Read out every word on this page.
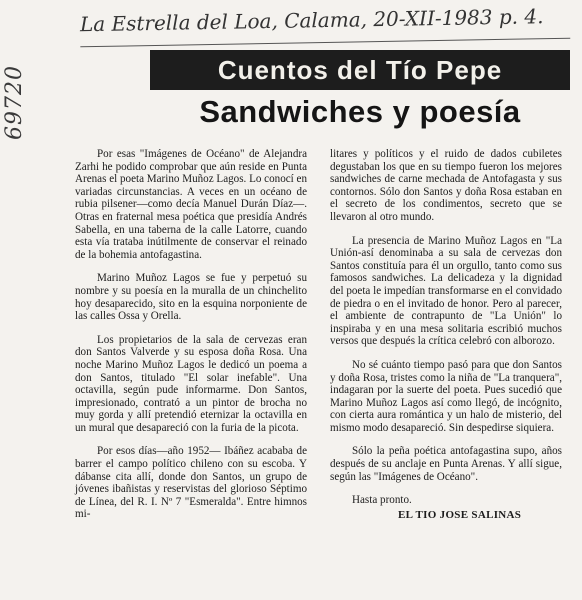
69720
La Estrella del Loa, Calama, 20-XII-1983 p. 4.
Cuentos del Tío Pepe
Sandwiches y poesía

Por esas "Imágenes de Océano" de Alejandra Zarhi he podido comprobar que aún reside en Punta Arenas el poeta Marino Muñoz Lagos. Lo conocí en variadas circunstancias. A veces en un océano de rubia pilsener—como decía Manuel Durán Díaz—. Otras en fraternal mesa poética que presidía Andrés Sabella, en una taberna de la calle Latorre, cuando esta vía trataba inútilmente de conservar el reinado de la bohemia antofagastina.

Marino Muñoz Lagos se fue y perpetuó su nombre y su poesía en la muralla de un chinchelito hoy desaparecido, sito en la esquina norponiente de las calles Ossa y Orella.

Los propietarios de la sala de cervezas eran don Santos Valverde y su esposa doña Rosa. Una noche Marino Muñoz Lagos le dedicó un poema a don Santos, titulado "El solar inefable". Una octavilla, según pude informarme. Don Santos, impresionado, contrató a un pintor de brocha no muy gorda y allí pretendió eternizar la octavilla en un mural que desapareció con la furia de la picota.

Por esos días—año 1952— Ibáñez acababa de barrer el campo político chileno con su escoba. Y dábanse cita allí, donde don Santos, un grupo de jóvenes ibañistas y reservistas del glorioso Séptimo de Línea, del R. I. Nº 7 "Esmeralda". Entre himnos mi-

litares y políticos y el ruido de dados cubiletes degustaban los que en su tiempo fueron los mejores sandwiches de carne mechada de Antofagasta y sus contornos. Sólo don Santos y doña Rosa estaban en el secreto de los condimentos, secreto que se llevaron al otro mundo.

La presencia de Marino Muñoz Lagos en "La Unión-así denominaba a su sala de cervezas don Santos constituía para él un orgullo, tanto como sus famosos sandwiches. La delicadeza y la dignidad del poeta le impedían transformarse en el convidado de piedra o en el invitado de honor. Pero al parecer, el ambiente de contrapunto de "La Unión" lo inspiraba y en una mesa solitaria escribió muchos versos que después la crítica celebró con alborozo.

No sé cuánto tiempo pasó para que don Santos y doña Rosa, tristes como la niña de "La tranquera", indagaran por la suerte del poeta. Pues sucedió que Marino Muñoz Lagos así como llegó, de incógnito, con cierta aura romántica y un halo de misterio, del mismo modo desapareció. Sin despedirse siquiera.

Sólo la peña poética antofagastina supo, años después de su anclaje en Punta Arenas. Y allí sigue, según las "Imágenes de Océano".

Hasta pronto.

EL TIO JOSE SALINAS
